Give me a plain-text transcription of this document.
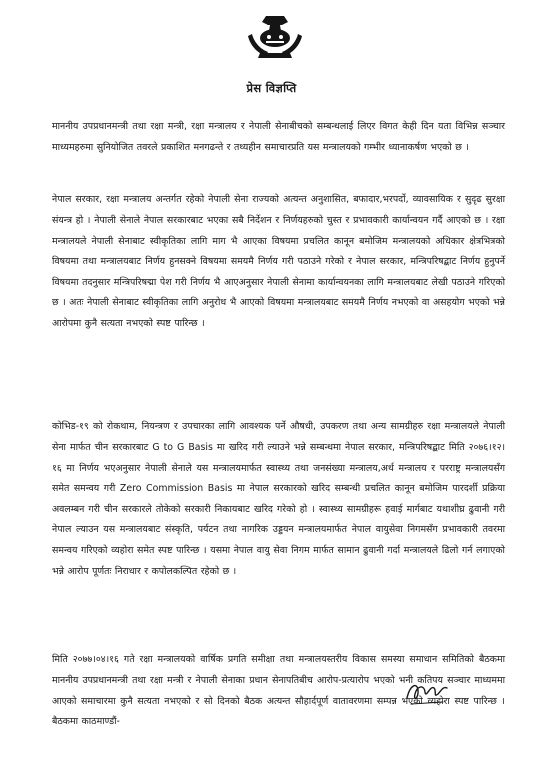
प्रेस विज्ञप्ति

माननीय उपप्रधानमन्त्री तथा रक्षा मन्त्री, रक्षा मन्त्रालय र नेपाली सेनाबीचको सम्बन्धलाई लिएर विगत केही दिन यता विभिन्न सञ्चार माध्यमहरुमा सुनियोजित तवरले प्रकाशित मनगढन्ते र तथ्यहीन समाचारप्रति यस मन्त्रालयको गम्भीर ध्यानाकर्षण भएको छ ।

नेपाल सरकार, रक्षा मन्त्रालय अन्तर्गत रहेको नेपाली सेना राज्यको अत्यन्त अनुशासित, बफादार,भरपर्दो, व्यावसायिक र सुदृढ सुरक्षा संयन्त्र हो । नेपाली सेनाले नेपाल सरकारबाट भएका सबै निर्देशन र निर्णयहरुको चुस्त र प्रभावकारी कार्यान्वयन गर्दै आएको छ । रक्षा मन्त्रालयले नेपाली सेनाबाट स्वीकृतिका लागि माग भै आएका विषयमा प्रचलित कानून बमोजिम मन्त्रालयको अधिकार क्षेत्रभित्रको विषयमा तथा मन्त्रालयबाट निर्णय हुनसक्ने विषयमा समयमै निर्णय गरी पठाउने गरेको र नेपाल सरकार, मन्त्रिपरिषद्बाट निर्णय हुनुपर्ने विषयमा तदनुसार मन्त्रिपरिषद्मा पेश गरी निर्णय भै आएअनुसार नेपाली सेनामा कार्यान्वयनका लागि मन्त्रालयबाट लेखी पठाउने गरिएको छ । अतः नेपाली सेनाबाट स्वीकृतिका लागि अनुरोध भै आएको विषयमा मन्त्रालयबाट समयमै निर्णय नभएको वा असहयोग भएको भन्ने आरोपमा कुनै सत्यता नभएको स्पष्ट पारिन्छ ।

कोभिड-१९ को रोकथाम, नियन्त्रण र उपचारका लागि आवश्यक पर्ने औषधी, उपकरण तथा अन्य सामग्रीहरु रक्षा मन्त्रालयले नेपाली सेना मार्फत चीन सरकारबाट G to G Basis मा खरिद गरी ल्याउने भन्ने सम्बन्धमा नेपाल सरकार, मन्त्रिपरिषद्बाट मिति २०७६।१२।१६ मा निर्णय भएअनुसार नेपाली सेनाले यस मन्त्रालयमार्फत स्वास्थ्य तथा जनसंख्या मन्त्रालय,अर्थ मन्त्रालय र परराष्ट्र मन्त्रालयसँग समेत समन्वय गरी Zero Commission Basis मा नेपाल सरकारको खरिद सम्बन्धी प्रचलित कानून बमोजिम पारदर्शी प्रक्रिया अवलम्बन गरी चीन सरकारले तोकेको सरकारी निकायबाट खरिद गरेको हो । स्वास्थ्य सामग्रीहरू हवाई मार्गबाट यथाशीघ्र ढुवानी गरी नेपाल ल्याउन यस मन्त्रालयबाट संस्कृति, पर्यटन तथा नागरिक उड्डयन मन्त्रालयमार्फत नेपाल वायुसेवा निगमसँग प्रभावकारी तवरमा समन्वय गरिएको व्यहोरा समेत स्पष्ट पारिन्छ । यसमा नेपाल वायु सेवा निगम मार्फत सामान ढुवानी गर्दा मन्त्रालयले ढिलो गर्न लगाएको भन्ने आरोप पूर्णतः निराधार र कपोलकल्पित रहेको छ ।

मिति २०७७।०४।१६ गते रक्षा मन्त्रालयको वार्षिक प्रगति समीक्षा तथा मन्त्रालयस्तरीय विकास समस्या समाधान समितिको बैठकमा माननीय उपप्रधानमन्त्री तथा रक्षा मन्त्री र नेपाली सेनाका प्रधान सेनापतिबीच आरोप-प्रत्यारोप भएको भनी कतिपय सञ्चार माध्यममा आएको समाचारमा कुनै सत्यता नभएको र सो दिनको बैठक अत्यन्त सौहार्दपूर्ण वातावरणमा सम्पन्न भएको व्यहोरा स्पष्ट पारिन्छ । बैठकमा काठमाण्डौं-
